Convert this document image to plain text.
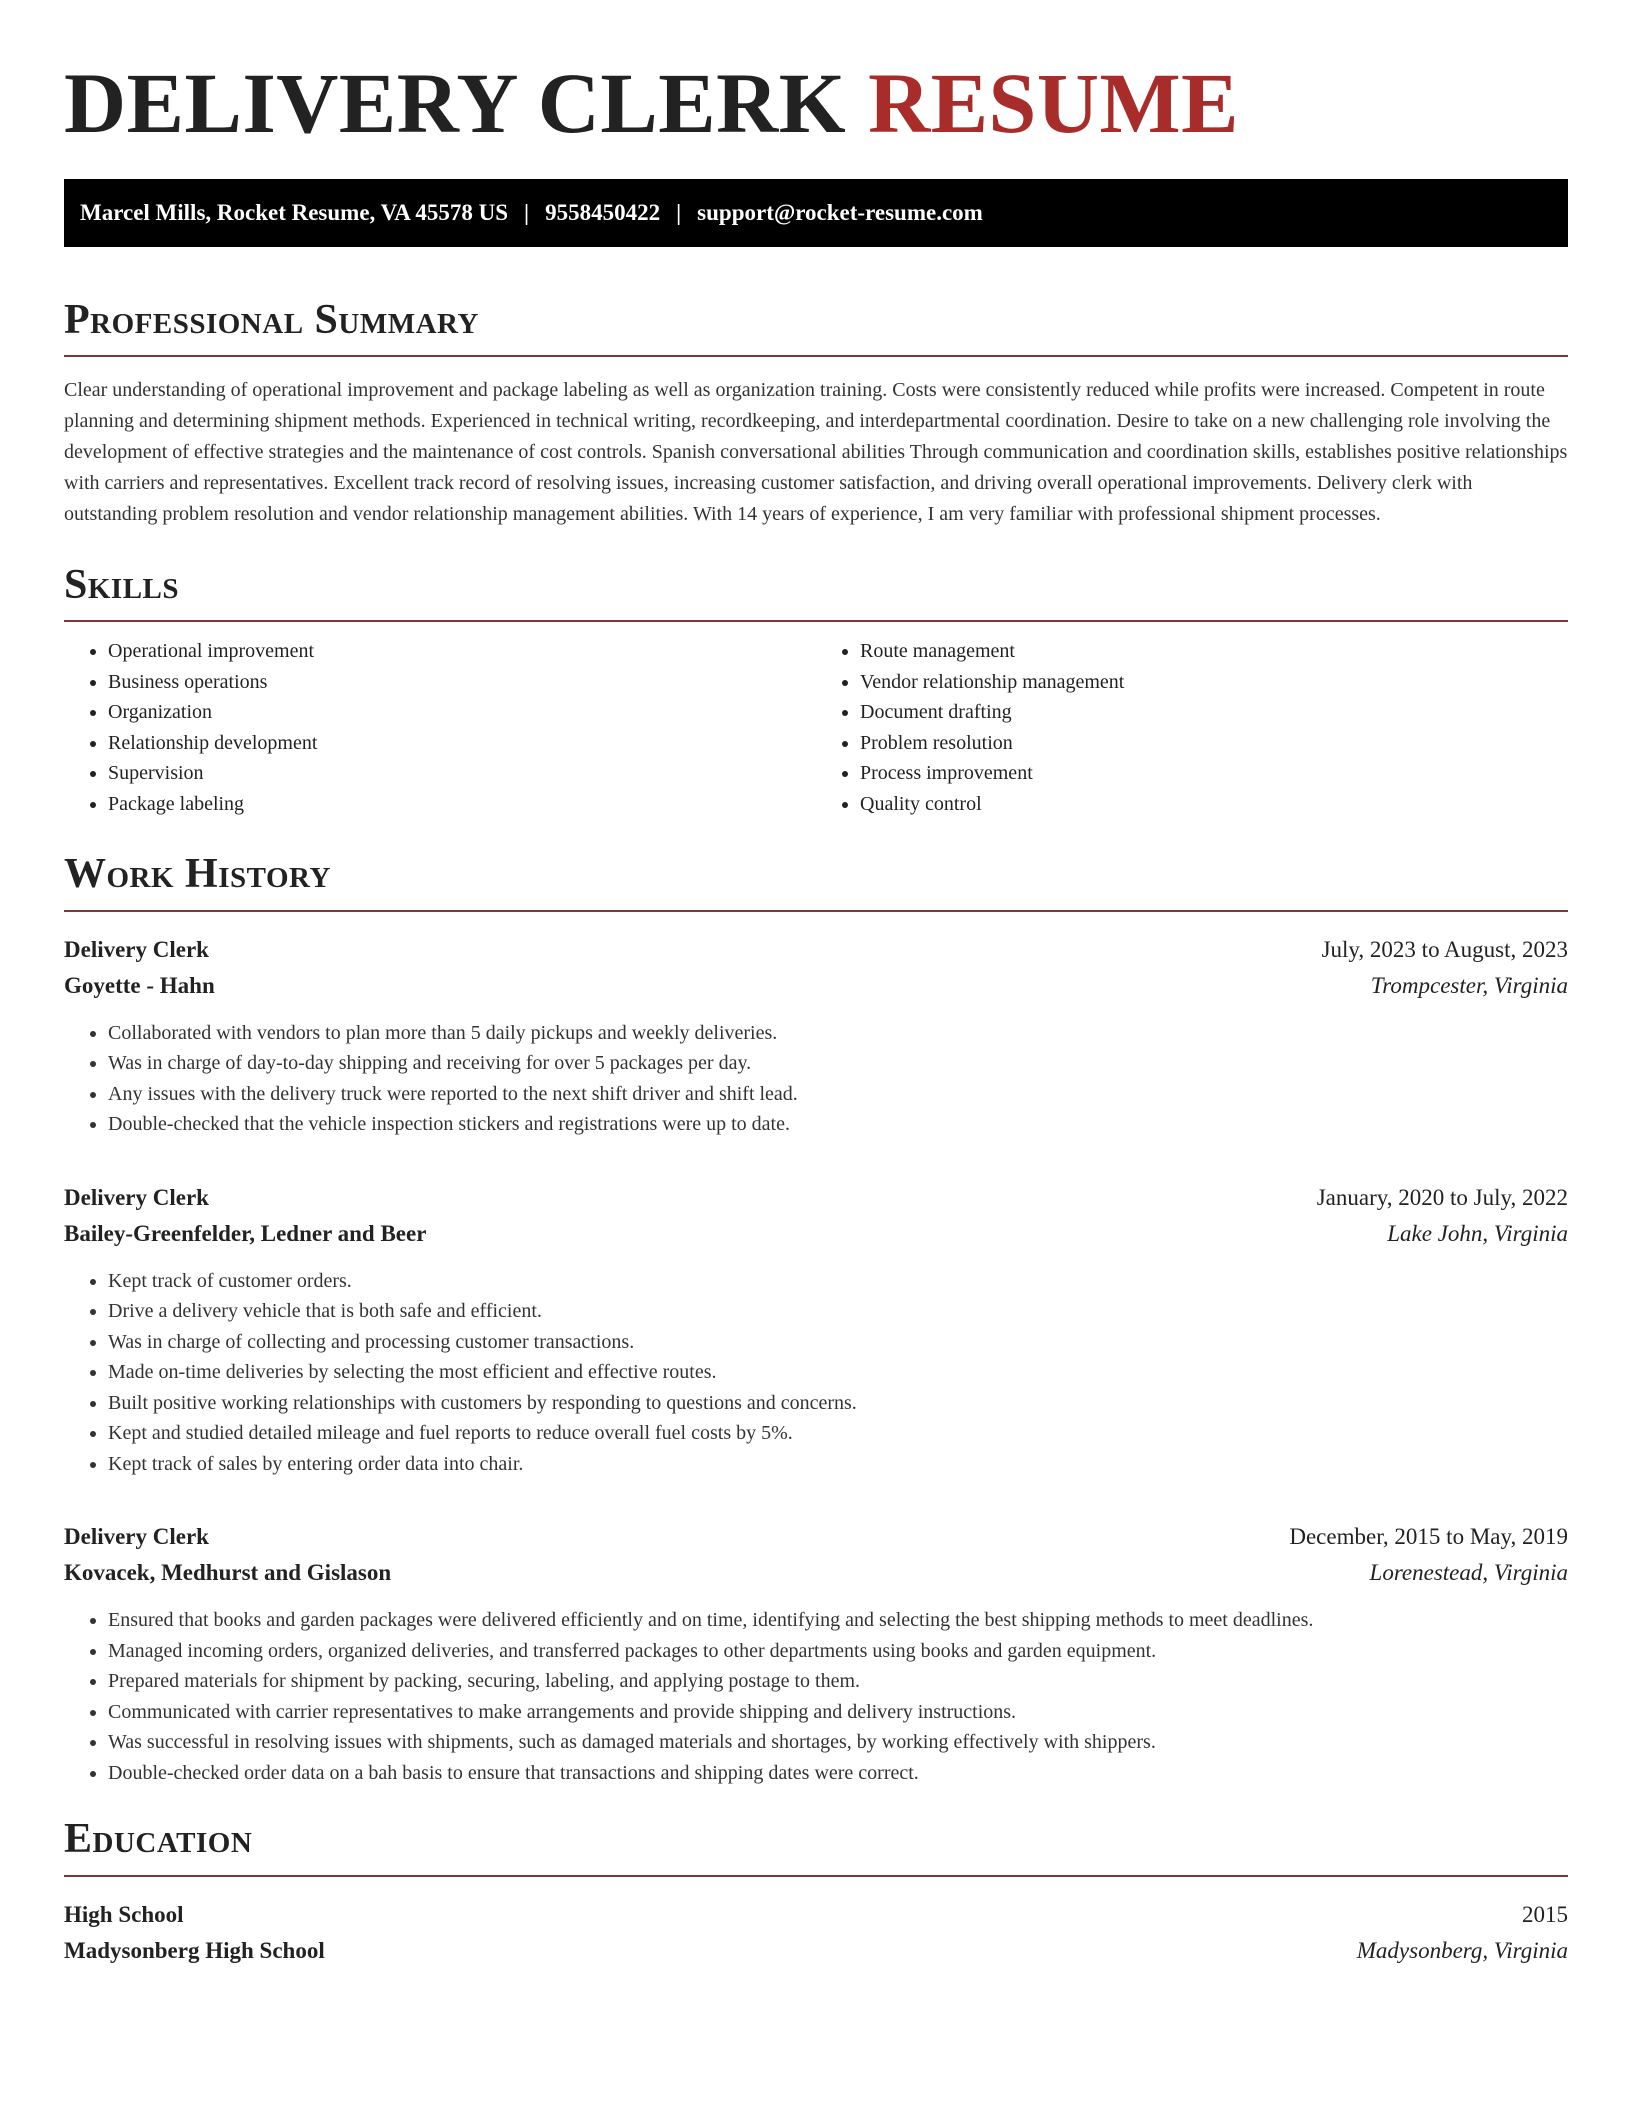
DELIVERY CLERK RESUME
Marcel Mills, Rocket Resume, VA 45578 US | 9558450422 | support@rocket-resume.com
Professional Summary

Clear understanding of operational improvement and package labeling as well as organization training. Costs were consistently reduced while profits were increased. Competent in route planning and determining shipment methods. Experienced in technical writing, recordkeeping, and interdepartmental coordination. Desire to take on a new challenging role involving the development of effective strategies and the maintenance of cost controls. Spanish conversational abilities Through communication and coordination skills, establishes positive relationships with carriers and representatives. Excellent track record of resolving issues, increasing customer satisfaction, and driving overall operational improvements. Delivery clerk with outstanding problem resolution and vendor relationship management abilities. With 14 years of experience, I am very familiar with professional shipment processes.

Skills
• Operational improvement
• Business operations
• Organization
• Relationship development
• Supervision
• Package labeling
• Route management
• Vendor relationship management
• Document drafting
• Problem resolution
• Process improvement
• Quality control
Work History
Delivery Clerk	July, 2023 to August, 2023
Goyette - Hahn	Trompcester, Virginia
• Collaborated with vendors to plan more than 5 daily pickups and weekly deliveries.
• Was in charge of day-to-day shipping and receiving for over 5 packages per day.
• Any issues with the delivery truck were reported to the next shift driver and shift lead.
• Double-checked that the vehicle inspection stickers and registrations were up to date.
Delivery Clerk	January, 2020 to July, 2022
Bailey-Greenfelder, Ledner and Beer	Lake John, Virginia
• Kept track of customer orders.
• Drive a delivery vehicle that is both safe and efficient.
• Was in charge of collecting and processing customer transactions.
• Made on-time deliveries by selecting the most efficient and effective routes.
• Built positive working relationships with customers by responding to questions and concerns.
• Kept and studied detailed mileage and fuel reports to reduce overall fuel costs by 5%.
• Kept track of sales by entering order data into chair.
Delivery Clerk	December, 2015 to May, 2019
Kovacek, Medhurst and Gislason	Lorenestead, Virginia
• Ensured that books and garden packages were delivered efficiently and on time, identifying and selecting the best shipping methods to meet deadlines.
• Managed incoming orders, organized deliveries, and transferred packages to other departments using books and garden equipment.
• Prepared materials for shipment by packing, securing, labeling, and applying postage to them.
• Communicated with carrier representatives to make arrangements and provide shipping and delivery instructions.
• Was successful in resolving issues with shipments, such as damaged materials and shortages, by working effectively with shippers.
• Double-checked order data on a bah basis to ensure that transactions and shipping dates were correct.
Education
High School	2015
Madysonberg High School	Madysonberg, Virginia
